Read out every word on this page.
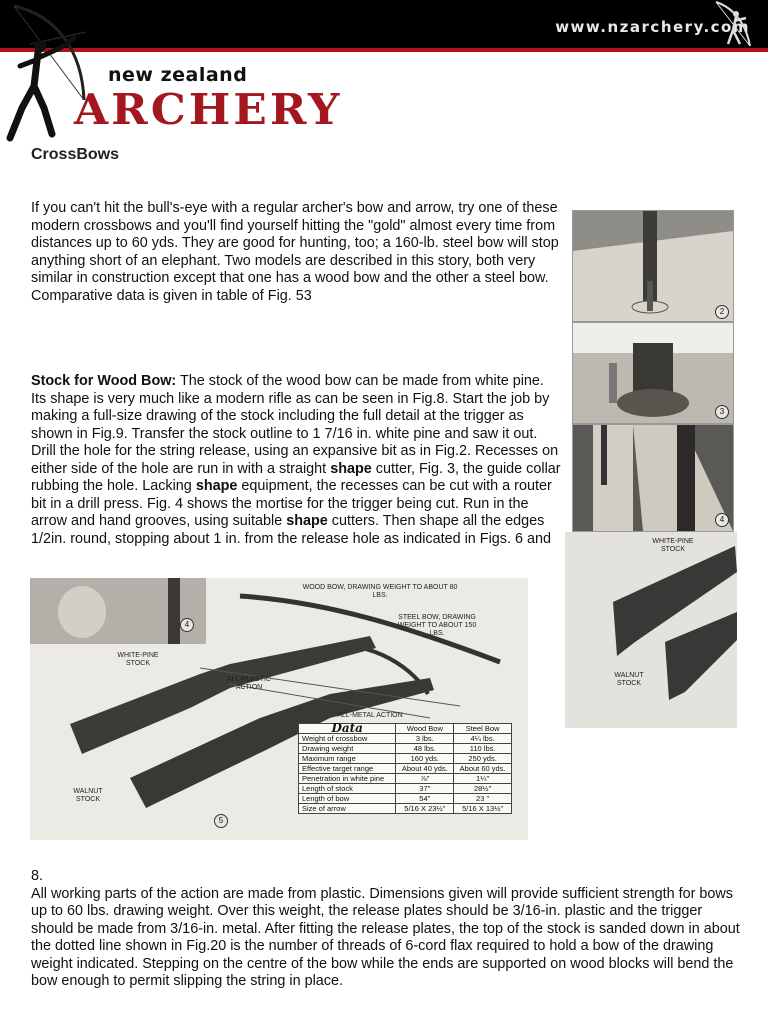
www.nzarchery.com
new zealand
ARCHERY
CrossBows
If you can't hit the bull's-eye with a regular archer's bow and arrow, try one of these modern crossbows and you'll find yourself hitting the "gold" almost every time from distances up to 60 yds. They are good for hunting, too; a 160-lb. steel bow will stop anything short of an elephant. Two models are described in this story, both very similar in construction except that one has a wood bow and the other a steel bow. Comparative data is given in table of Fig. 53
Stock for Wood Bow: The stock of the wood bow can be made from white pine. Its shape is very much like a modern rifle as can be seen in Fig.8. Start the job by making a full-size drawing of the stock including the full detail at the trigger as shown in Fig.9. Transfer the stock outline to 1 7/16 in. white pine and saw it out. Drill the hole for the string release, using an expansive bit as in Fig.2. Recesses on either side of the hole are run in with a straight shape cutter, Fig. 3, the guide collar rubbing the hole. Lacking shape equipment, the recesses can be cut with a router bit in a drill press. Fig. 4 shows the mortise for the trigger being cut. Run in the arrow and hand grooves, using suitable shape cutters. Then shape all the edges 1/2in. round, stopping about 1 in. from the release hole as indicated in Figs. 6 and
2
3
4
WHITE-PINE STOCK
WALNUT STOCK
4
WOOD BOW, DRAWING WEIGHT TO ABOUT 80 LBS.
STEEL BOW, DRAWING WEIGHT TO ABOUT 150 LBS.
WHITE-PINE STOCK
ALL-PLASTIC ACTION
ALL-METAL ACTION
WALNUT STOCK
5
Data	Wood Bow	Steel Bow
Weight of crossbow	3 lbs.	4¼ lbs.
Drawing weight	48 lbs.	110 lbs.
Maximum range	160 yds.	250 yds.
Effective target range	About 40 yds.	About 60 yds.
Penetration in white pine	⅞"	1¼"
Length of stock	37"	28½"
Length of bow	54"	23 "
Size of arrow	5/16 X 23½"	5/16 X 13½"
8.
All working parts of the action are made from plastic. Dimensions given will provide sufficient strength for bows up to 60 lbs. drawing weight. Over this weight, the release plates should be 3/16-in. plastic and the trigger should be made from 3/16-in. metal. After fitting the release plates, the top of the stock is sanded down in about the dotted line shown in Fig.20 is the number of threads of 6-cord flax required to hold a bow of the drawing weight indicated. Stepping on the centre of the bow while the ends are supported on wood blocks will bend the bow enough to permit slipping the string in place.
